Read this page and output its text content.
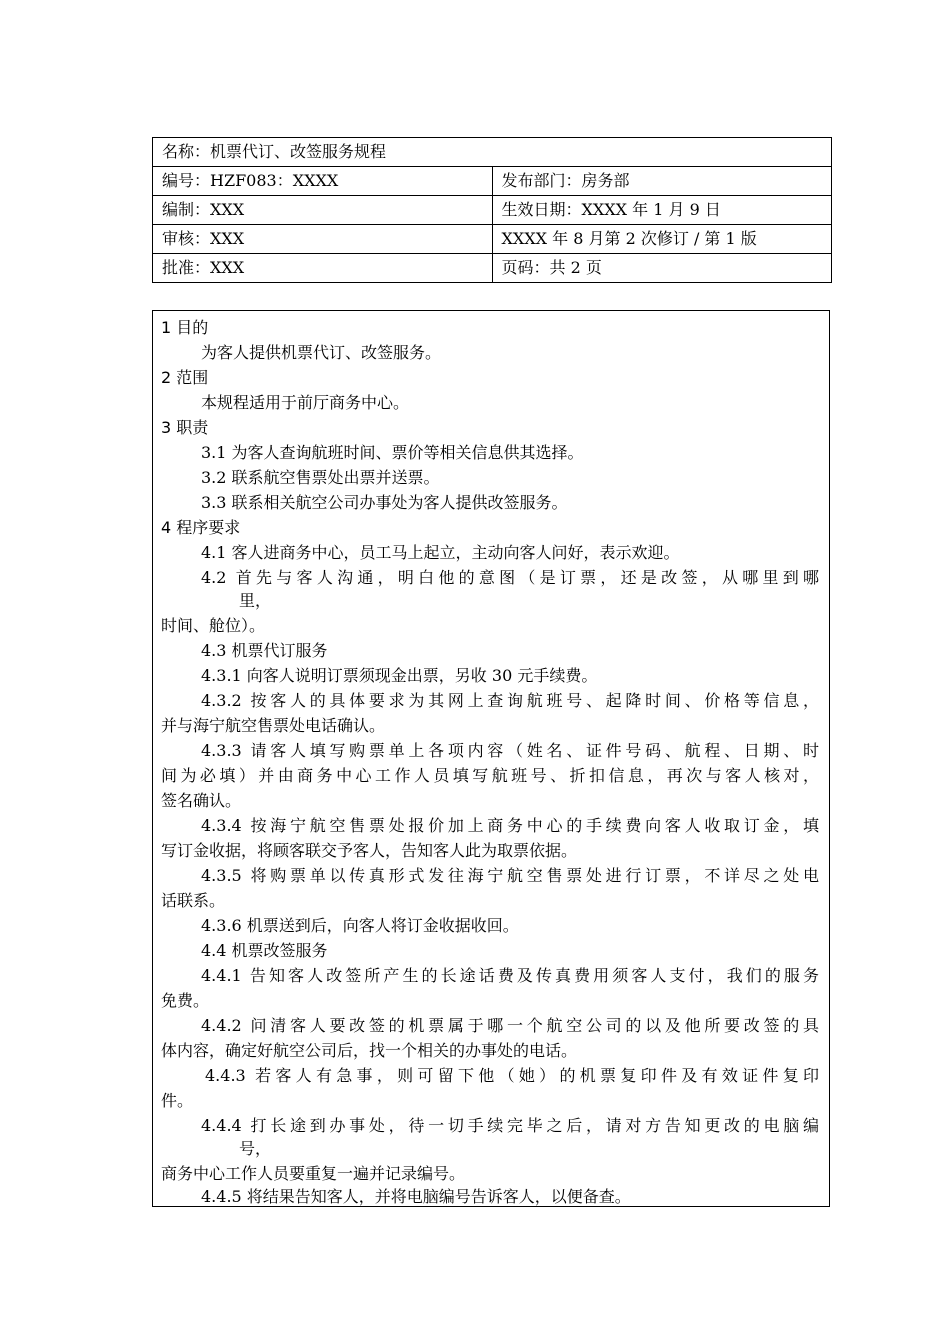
名称：机票代订、改签服务规程	
编号：HZF083：XXXX	发布部门：房务部
编制：XXX	生效日期：XXXX 年 1 月 9 日
审核：XXX	XXXX 年 8 月第 2 次修订 / 第 1 版
批准：XXX	页码：共 2 页
1 目的
为客人提供机票代订、改签服务。
2 范围
本规程适用于前厅商务中心。
3 职责
3.1 为客人查询航班时间、票价等相关信息供其选择。
3.2 联系航空售票处出票并送票。
3.3 联系相关航空公司办事处为客人提供改签服务。
4 程序要求
4.1 客人进商务中心，员工马上起立，主动向客人问好，表示欢迎。
4.2 首先与客人沟通，明白他的意图（是订票，还是改签，从哪里到哪
里，
时间、舱位）。
4.3 机票代订服务
4.3.1 向客人说明订票须现金出票，另收 30 元手续费。
4.3.2 按客人的具体要求为其网上查询航班号、起降时间、价格等信息，
并与海宁航空售票处电话确认。
4.3.3 请客人填写购票单上各项内容（姓名、证件号码、航程、日期、时
间为必填）并由商务中心工作人员填写航班号、折扣信息，再次与客人核对，
签名确认。
4.3.4 按海宁航空售票处报价加上商务中心的手续费向客人收取订金，填
写订金收据，将顾客联交予客人，告知客人此为取票依据。
4.3.5 将购票单以传真形式发往海宁航空售票处进行订票，不详尽之处电
话联系。
4.3.6 机票送到后，向客人将订金收据收回。
4.4 机票改签服务
4.4.1 告知客人改签所产生的长途话费及传真费用须客人支付，我们的服务
免费。
4.4.2 问清客人要改签的机票属于哪一个航空公司的以及他所要改签的具
体内容，确定好航空公司后，找一个相关的办事处的电话。
4.4.3 若客人有急事，则可留下他（她）的机票复印件及有效证件复印
件。
4.4.4 打长途到办事处，待一切手续完毕之后，请对方告知更改的电脑编
号，
商务中心工作人员要重复一遍并记录编号。
4.4.5 将结果告知客人，并将电脑编号告诉客人，以便备查。
